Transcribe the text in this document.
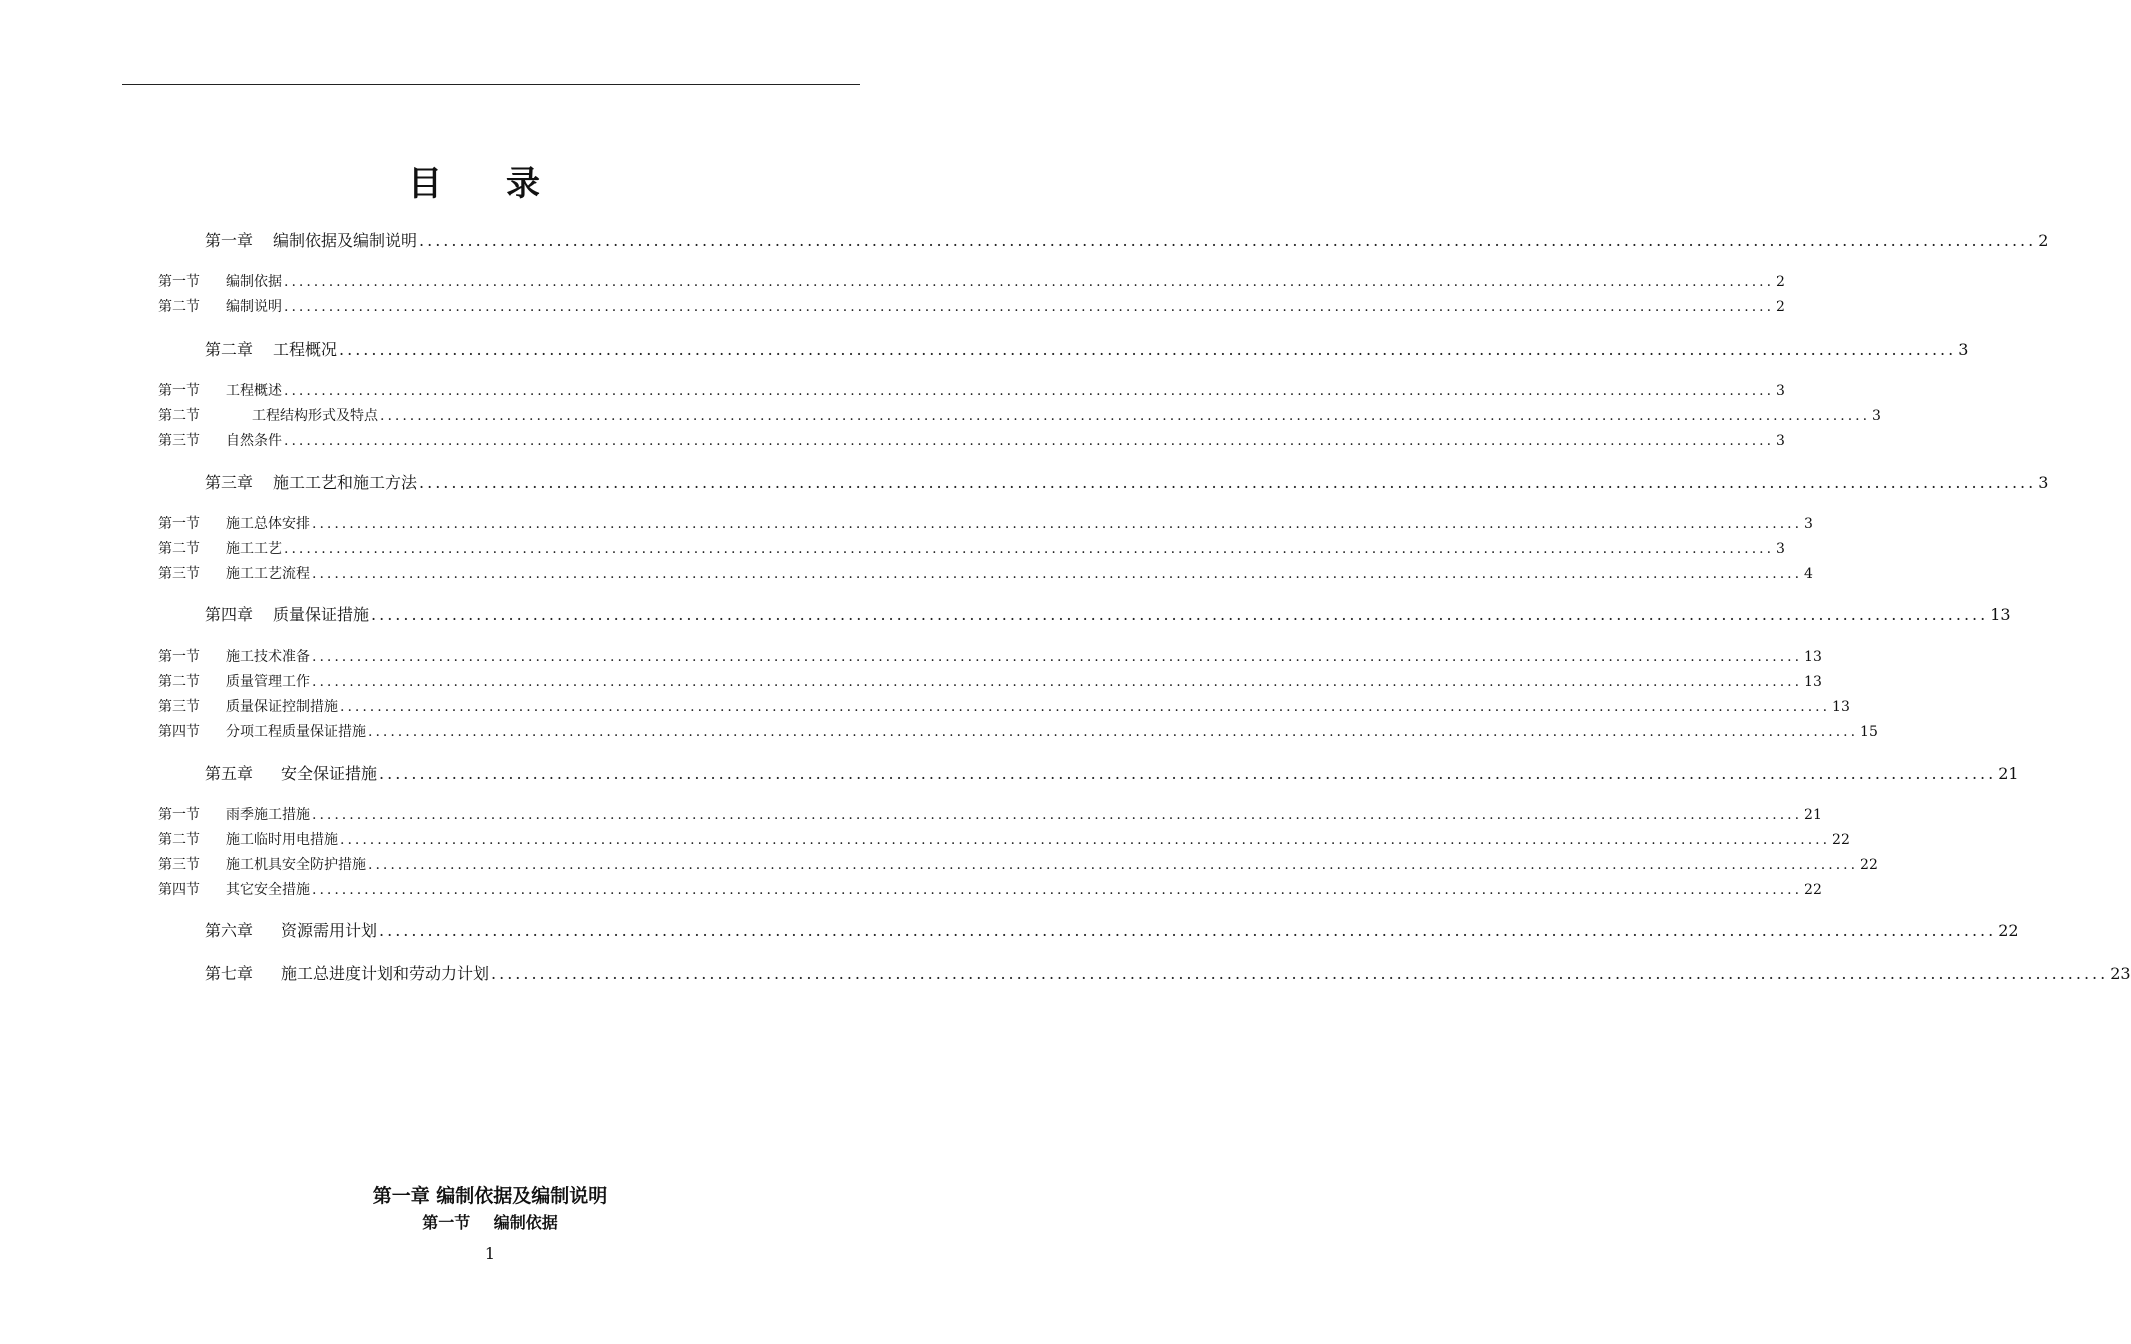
目 录
第一章 编制依据及编制说明 ........................................................................................................................................................................................................ 2
第一节 编制依据 ........................................................................................................................................................................................................ 2
第二节 编制说明 ........................................................................................................................................................................................................ 2
第二章 工程概况 ........................................................................................................................................................................................................ 3
第一节 工程概述 ........................................................................................................................................................................................................ 3
第二节	工程结构形式及特点 ........................................................................................................................................................................................................ 3
第三节 自然条件 ........................................................................................................................................................................................................ 3
第三章 施工工艺和施工方法 ........................................................................................................................................................................................................ 3
第一节 施工总体安排 ........................................................................................................................................................................................................ 3
第二节 施工工艺 ........................................................................................................................................................................................................ 3
第三节 施工工艺流程 ........................................................................................................................................................................................................ 4
第四章 质量保证措施 ........................................................................................................................................................................................................ 13
第一节 施工技术准备 ........................................................................................................................................................................................................ 13
第二节 质量管理工作 ........................................................................................................................................................................................................ 13
第三节 质量保证控制措施 ........................................................................................................................................................................................................ 13
第四节 分项工程质量保证措施 ........................................................................................................................................................................................................ 15
第五章 安全保证措施 ........................................................................................................................................................................................................ 21
第一节 雨季施工措施 ........................................................................................................................................................................................................ 21
第二节 施工临时用电措施 ........................................................................................................................................................................................................ 22
第三节 施工机具安全防护措施 ........................................................................................................................................................................................................ 22
第四节 其它安全措施 ........................................................................................................................................................................................................ 22
第六章 资源需用计划 ........................................................................................................................................................................................................ 22
第七章 施工总进度计划和劳动力计划 ........................................................................................................................................................................................................ 23
第一章 编制依据及编制说明
第一节 编制依据
1
